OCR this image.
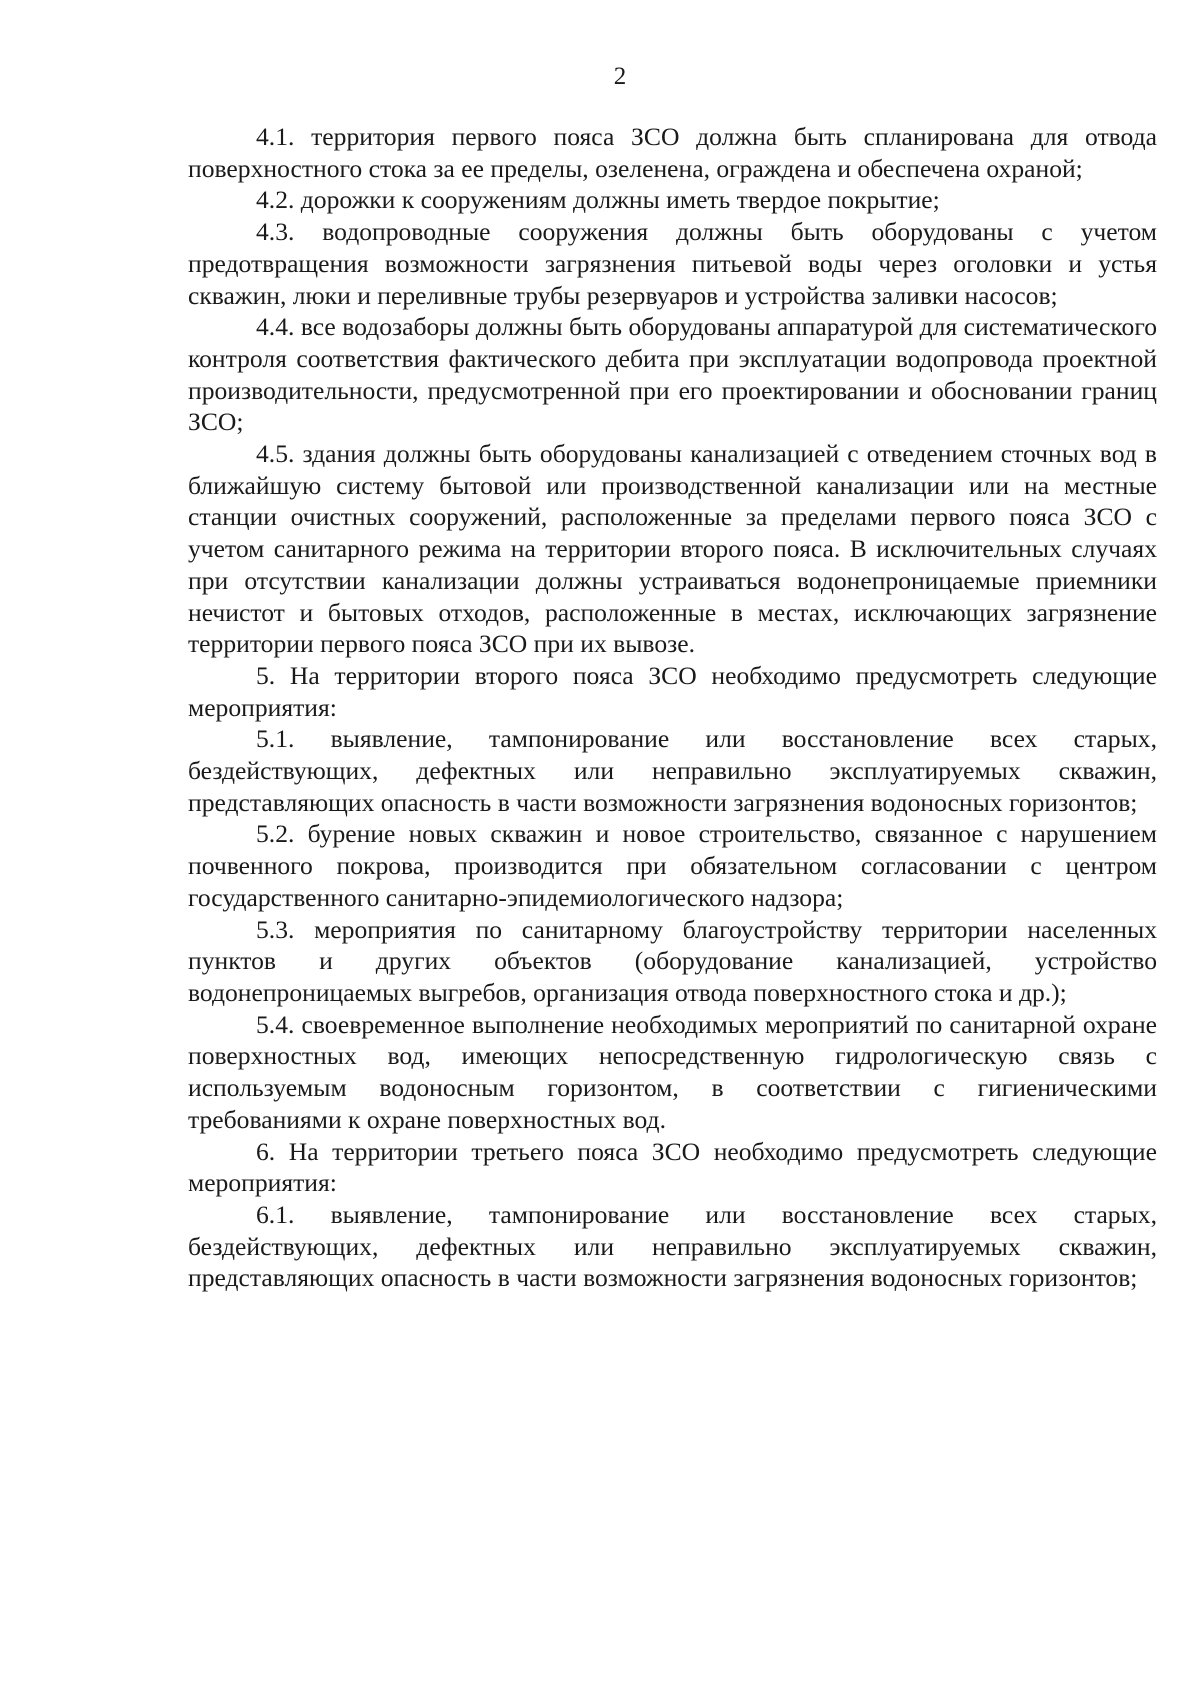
2

4.1. территория первого пояса ЗСО должна быть спланирована для отвода поверхностного стока за ее пределы, озеленена, ограждена и обеспечена охраной;

4.2. дорожки к сооружениям должны иметь твердое покрытие;

4.3. водопроводные сооружения должны быть оборудованы с учетом предотвращения возможности загрязнения питьевой воды через оголовки и устья скважин, люки и переливные трубы резервуаров и устройства заливки насосов;

4.4. все водозаборы должны быть оборудованы аппаратурой для систематического контроля соответствия фактического дебита при эксплуатации водопровода проектной производительности, предусмотренной при его проектировании и обосновании границ ЗСО;

4.5. здания должны быть оборудованы канализацией с отведением сточных вод в ближайшую систему бытовой или производственной канализации или на местные станции очистных сооружений, расположенные за пределами первого пояса ЗСО с учетом санитарного режима на территории второго пояса. В исключительных случаях при отсутствии канализации должны устраиваться водонепроницаемые приемники нечистот и бытовых отходов, расположенные в местах, исключающих загрязнение территории первого пояса ЗСО при их вывозе.

5. На территории второго пояса ЗСО необходимо предусмотреть следующие мероприятия:

5.1. выявление, тампонирование или восстановление всех старых, бездействующих, дефектных или неправильно эксплуатируемых скважин, представляющих опасность в части возможности загрязнения водоносных горизонтов;

5.2. бурение новых скважин и новое строительство, связанное с нарушением почвенного покрова, производится при обязательном согласовании с центром государственного санитарно-эпидемиологического надзора;

5.3. мероприятия по санитарному благоустройству территории населенных пунктов и других объектов (оборудование канализацией, устройство водонепроницаемых выгребов, организация отвода поверхностного стока и др.);

5.4. своевременное выполнение необходимых мероприятий по санитарной охране поверхностных вод, имеющих непосредственную гидрологическую связь с используемым водоносным горизонтом, в соответствии с гигиеническими требованиями к охране поверхностных вод.

6. На территории третьего пояса ЗСО необходимо предусмотреть следующие мероприятия:

6.1. выявление, тампонирование или восстановление всех старых, бездействующих, дефектных или неправильно эксплуатируемых скважин, представляющих опасность в части возможности загрязнения водоносных горизонтов;
